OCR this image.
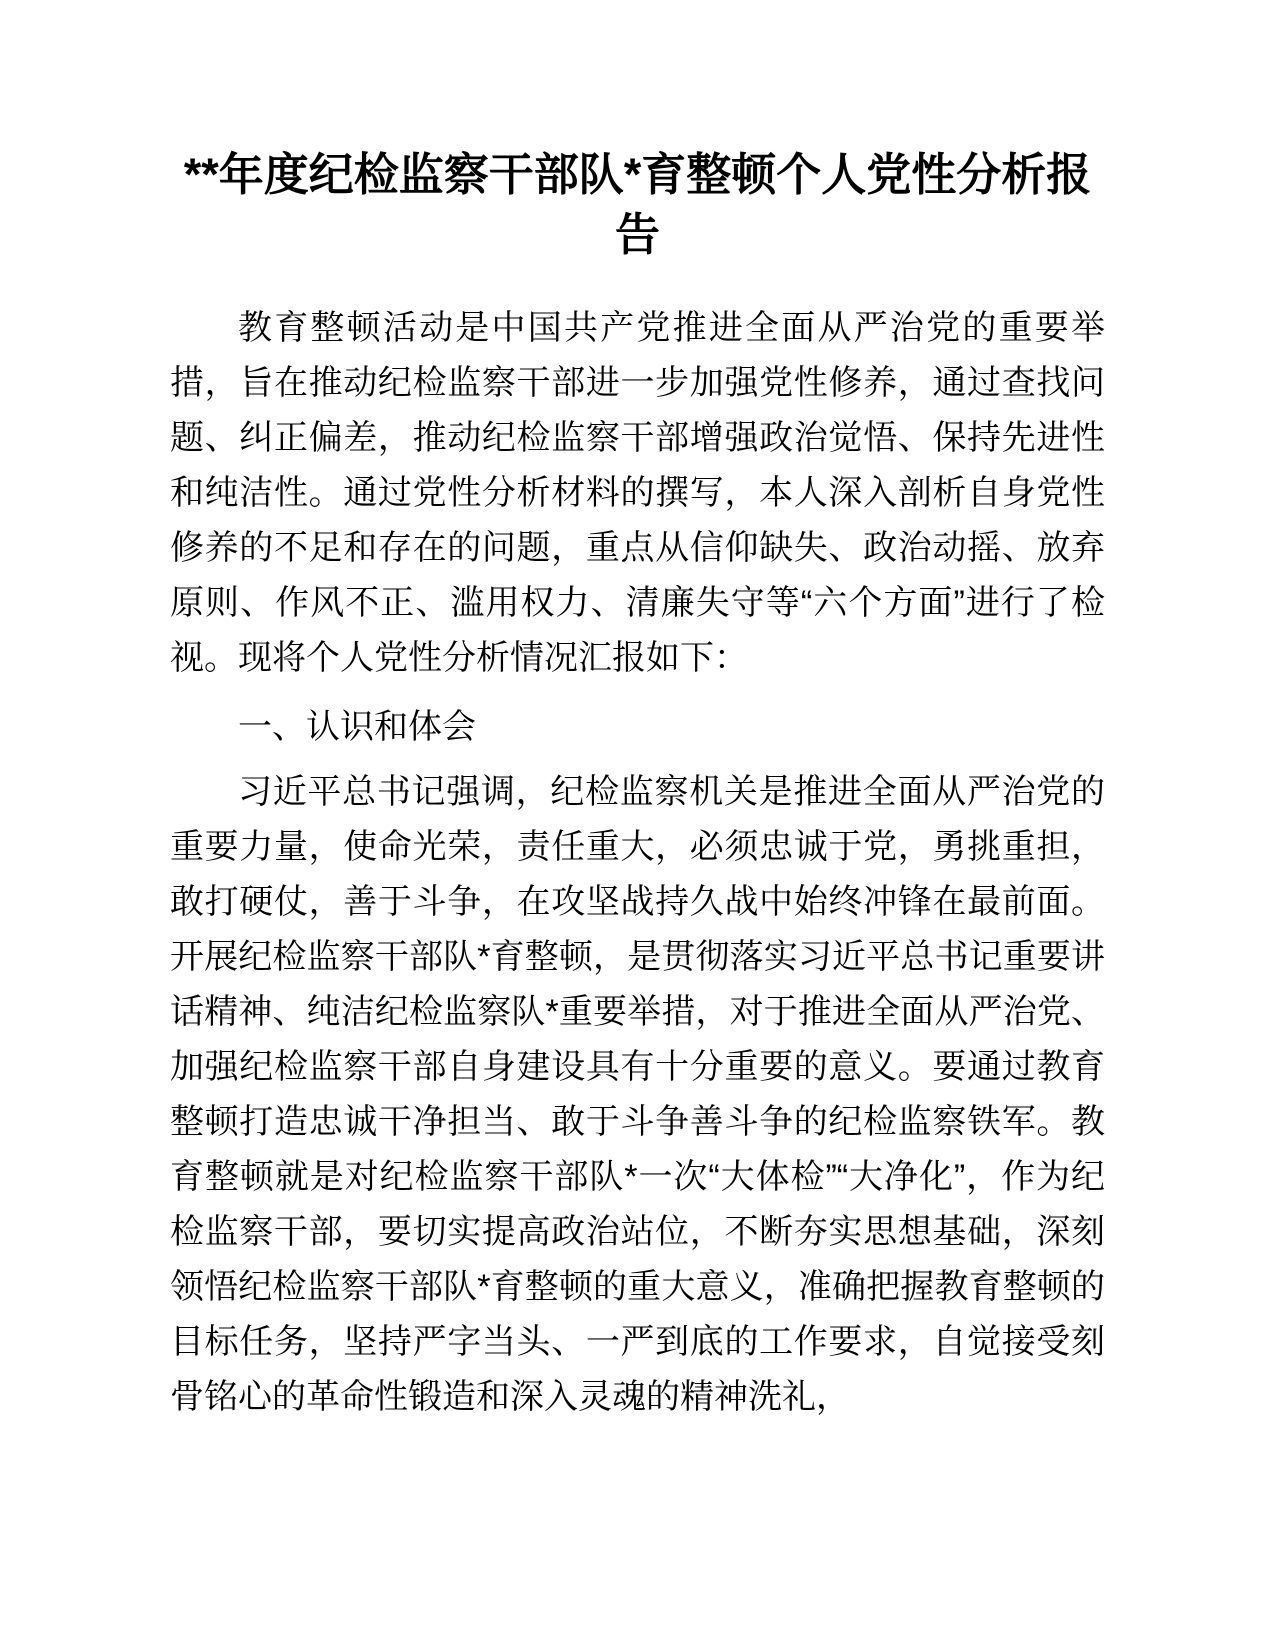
**年度纪检监察干部队*育整顿个人党性分析报告

教育整顿活动是中国共产党推进全面从严治党的重要举措，旨在推动纪检监察干部进一步加强党性修养，通过查找问题、纠正偏差，推动纪检监察干部增强政治觉悟、保持先进性和纯洁性。通过党性分析材料的撰写，本人深入剖析自身党性修养的不足和存在的问题，重点从信仰缺失、政治动摇、放弃原则、作风不正、滥用权力、清廉失守等“六个方面”进行了检视。现将个人党性分析情况汇报如下：

一、认识和体会

习近平总书记强调，纪检监察机关是推进全面从严治党的重要力量，使命光荣，责任重大，必须忠诚于党，勇挑重担，敢打硬仗，善于斗争，在攻坚战持久战中始终冲锋在最前面。开展纪检监察干部队*育整顿，是贯彻落实习近平总书记重要讲话精神、纯洁纪检监察队*重要举措，对于推进全面从严治党、加强纪检监察干部自身建设具有十分重要的意义。要通过教育整顿打造忠诚干净担当、敢于斗争善斗争的纪检监察铁军。教育整顿就是对纪检监察干部队*一次“大体检”“大净化”，作为纪检监察干部，要切实提高政治站位，不断夯实思想基础，深刻领悟纪检监察干部队*育整顿的重大意义，准确把握教育整顿的目标任务，坚持严字当头、一严到底的工作要求，自觉接受刻骨铭心的革命性锻造和深入灵魂的精神洗礼，
